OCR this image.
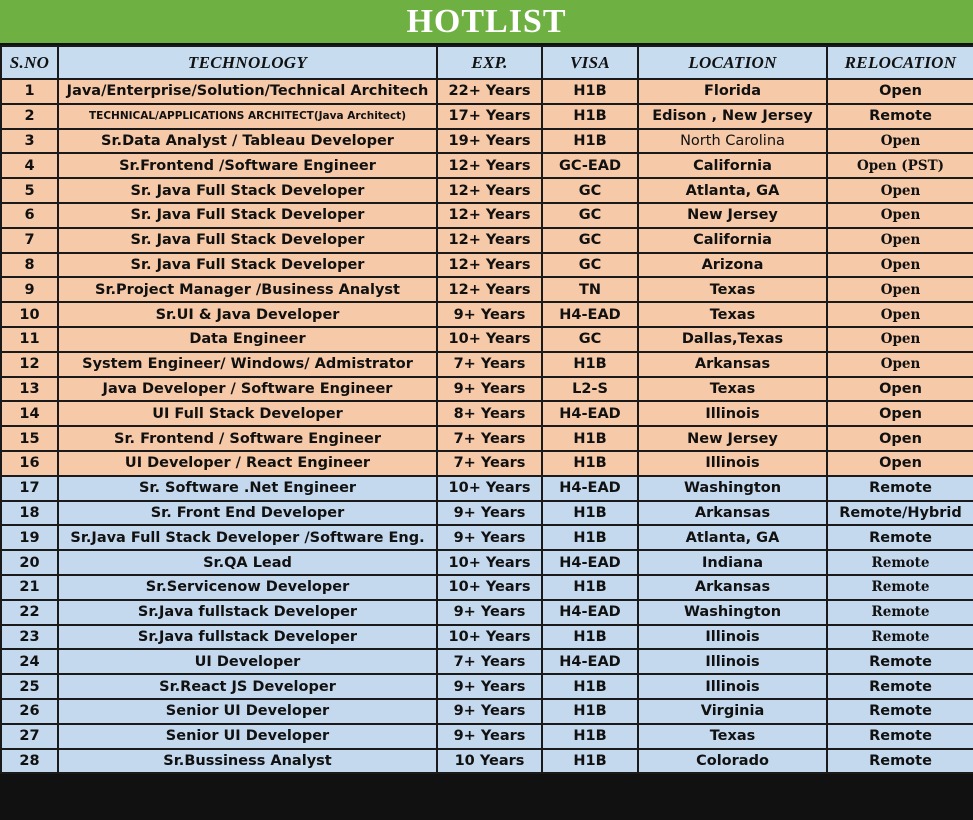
HOTLIST
S.NO	TECHNOLOGY	EXP.	VISA	LOCATION	RELOCATION
1	Java/Enterprise/Solution/Technical Architech	22+ Years	H1B	Florida	Open
2	TECHNICAL/APPLICATIONS ARCHITECT(Java Architect)	17+ Years	H1B	Edison , New Jersey	Remote
3	Sr.Data Analyst / Tableau Developer	19+ Years	H1B	North Carolina	Open
4	Sr.Frontend /Software Engineer	12+ Years	GC-EAD	California	Open (PST)
5	Sr. Java Full Stack Developer	12+ Years	GC	Atlanta, GA	Open
6	Sr. Java Full Stack Developer	12+ Years	GC	New Jersey	Open
7	Sr. Java Full Stack Developer	12+ Years	GC	California	Open
8	Sr. Java Full Stack Developer	12+ Years	GC	Arizona	Open
9	Sr.Project Manager /Business Analyst	12+ Years	TN	Texas	Open
10	Sr.UI & Java Developer	9+ Years	H4-EAD	Texas	Open
11	Data Engineer	10+ Years	GC	Dallas,Texas	Open
12	System Engineer/ Windows/ Admistrator	7+ Years	H1B	Arkansas	Open
13	Java Developer / Software Engineer	9+ Years	L2-S	Texas	Open
14	UI Full Stack Developer	8+ Years	H4-EAD	Illinois	Open
15	Sr. Frontend / Software Engineer	7+ Years	H1B	New Jersey	Open
16	UI Developer / React Engineer	7+ Years	H1B	Illinois	Open
17	Sr. Software .Net Engineer	10+ Years	H4-EAD	Washington	Remote
18	Sr. Front End Developer	9+ Years	H1B	Arkansas	Remote/Hybrid
19	Sr.Java Full Stack Developer /Software Eng.	9+ Years	H1B	Atlanta, GA	Remote
20	Sr.QA Lead	10+ Years	H4-EAD	Indiana	Remote
21	Sr.Servicenow Developer	10+ Years	H1B	Arkansas	Remote
22	Sr.Java fullstack Developer	9+ Years	H4-EAD	Washington	Remote
23	Sr.Java fullstack Developer	10+ Years	H1B	Illinois	Remote
24	UI Developer	7+ Years	H4-EAD	Illinois	Remote
25	Sr.React JS Developer	9+ Years	H1B	Illinois	Remote
26	Senior UI Developer	9+ Years	H1B	Virginia	Remote
27	Senior UI Developer	9+ Years	H1B	Texas	Remote
28	Sr.Bussiness Analyst	10 Years	H1B	Colorado	Remote
